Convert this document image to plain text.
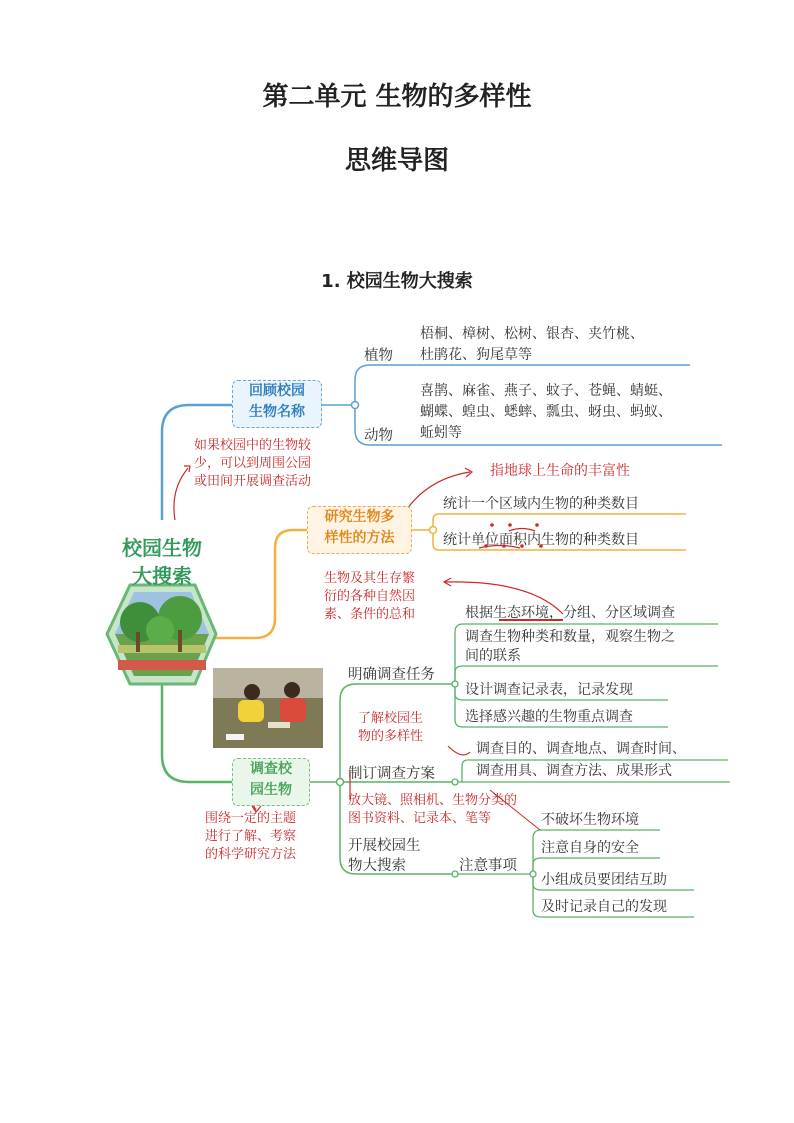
第二单元 生物的多样性
思维导图
1. 校园生物大搜索
校园生物
大搜索
回顾校园
生物名称
植物
梧桐、樟树、松树、银杏、夹竹桃、
杜鹃花、狗尾草等
动物
喜鹊、麻雀、燕子、蚊子、苍蝇、蜻蜓、
蝴蝶、蝗虫、蟋蟀、瓢虫、蚜虫、蚂蚁、
蚯蚓等
如果校园中的生物较
少，可以到周围公园
或田间开展调查活动
研究生物多
样性的方法
指地球上生命的丰富性
统计一个区域内生物的种类数目
统计单位面积内生物的种类数目
调查校
园生物
生物及其生存繁
衍的各种自然因
素、条件的总和
明确调查任务
根据生态环境，分组、分区域调查
调查生物种类和数量，观察生物之
间的联系
设计调查记录表，记录发现
选择感兴趣的生物重点调查
了解校园生
物的多样性
制订调查方案
调查目的、调查地点、调查时间、
调查用具、调查方法、成果形式
放大镜、照相机、生物分类的
图书资料、记录本、笔等
围绕一定的主题
进行了解、考察
的科学研究方法
开展校园生
物大搜索	注意事项
不破坏生物环境
注意自身的安全
小组成员要团结互助
及时记录自己的发现
